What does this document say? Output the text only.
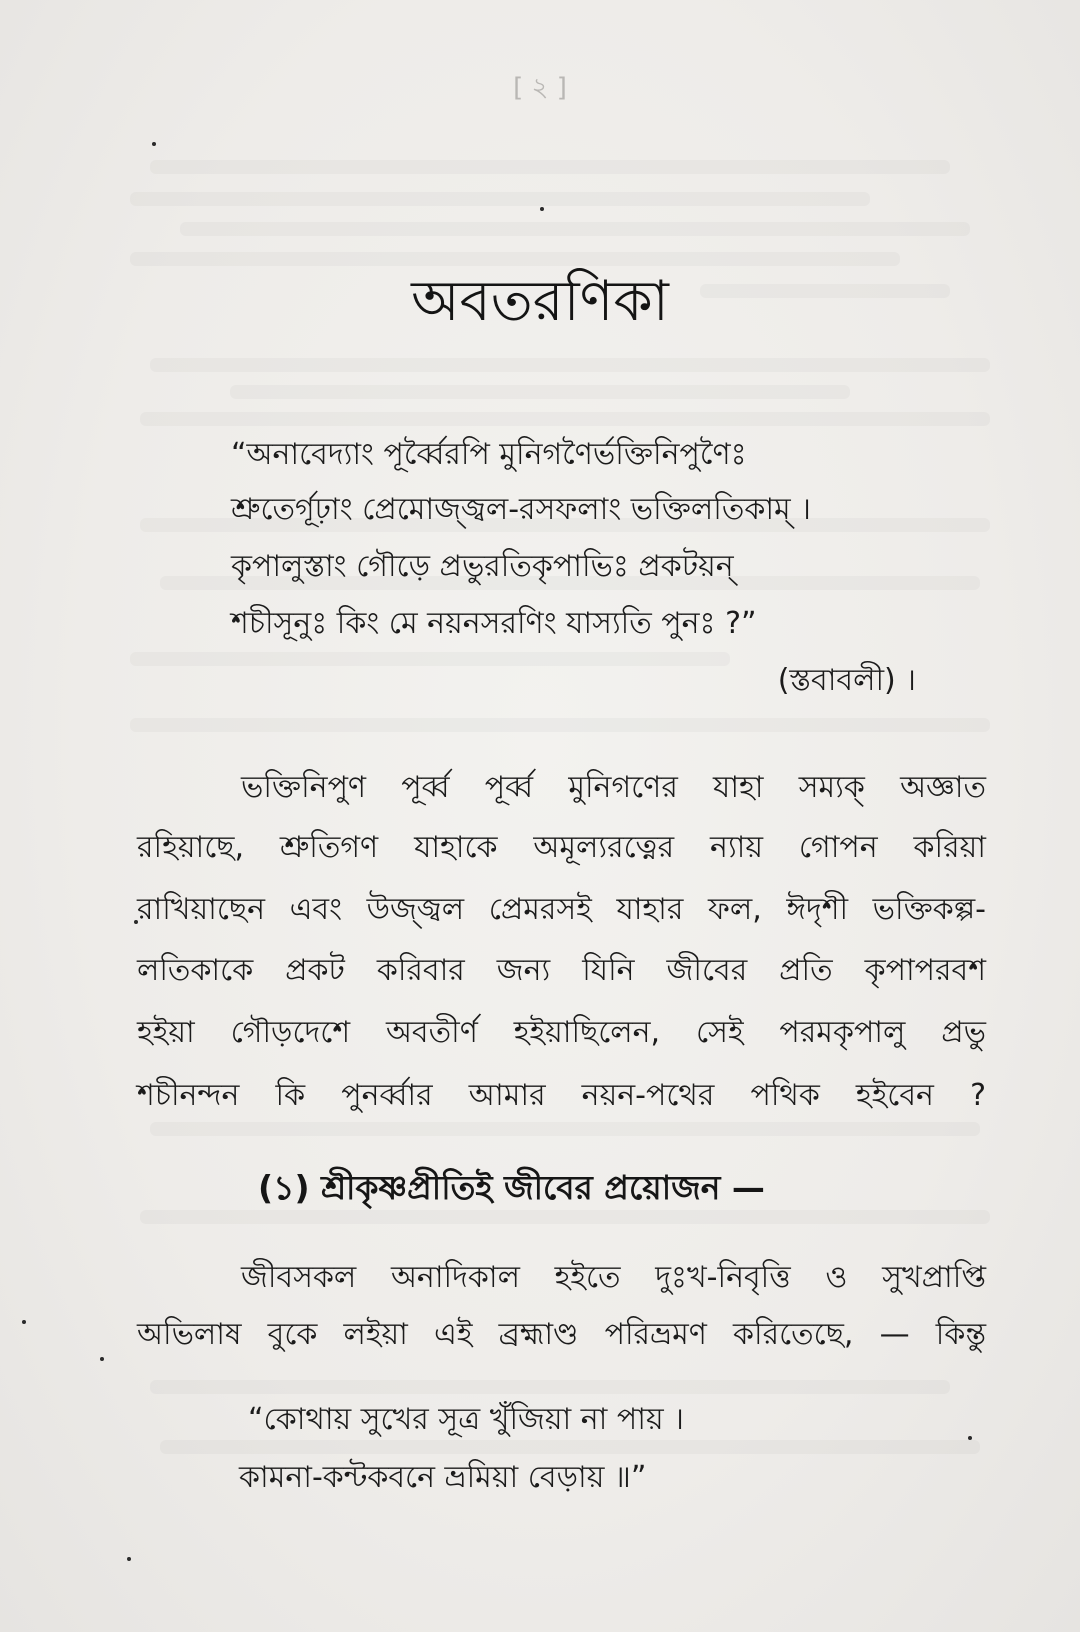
[ ২ ]
অবতরণিকা
“অনাবেদ্যাং পূর্ব্বৈরপি মুনিগণৈর্ভক্তিনিপুণৈঃ
শ্রুতের্গূঢ়াং প্রেমোজ্জ্বল-রসফলাং ভক্তিলতিকাম্ ।
কৃপালুস্তাং গৌড়ে প্রভুরতিকৃপাভিঃ প্রকটয়ন্
শচীসূনুঃ কিং মে নয়নসরণিং যাস্যতি পুনঃ ?”
(স্তবাবলী) ।
ভক্তিনিপুণ পূর্ব্ব পূর্ব্ব মুনিগণের যাহা সম্যক্ অজ্ঞাত
রহিয়াছে, শ্রুতিগণ যাহাকে অমূল্যরত্নের ন্যায় গোপন করিয়া
রাখিয়াছেন এবং উজ্জ্বল প্রেমরসই যাহার ফল, ঈদৃশী ভক্তিকল্প-
লতিকাকে প্রকট করিবার জন্য যিনি জীবের প্রতি কৃপাপরবশ
হইয়া গৌড়দেশে অবতীর্ণ হইয়াছিলেন, সেই পরমকৃপালু প্রভু
শচীনন্দন কি পুনর্ব্বার আমার নয়ন-পথের পথিক হইবেন ?
(১) শ্রীকৃষ্ণপ্রীতিই জীবের প্রয়োজন —
জীবসকল অনাদিকাল হইতে দুঃখ-নিবৃত্তি ও সুখপ্রাপ্তি
অভিলাষ বুকে লইয়া এই ব্রহ্মাণ্ড পরিভ্রমণ করিতেছে, — কিন্তু
“কোথায় সুখের সূত্র খুঁজিয়া না পায় ।
কামনা-কন্টকবনে ভ্রমিয়া বেড়ায় ॥”
